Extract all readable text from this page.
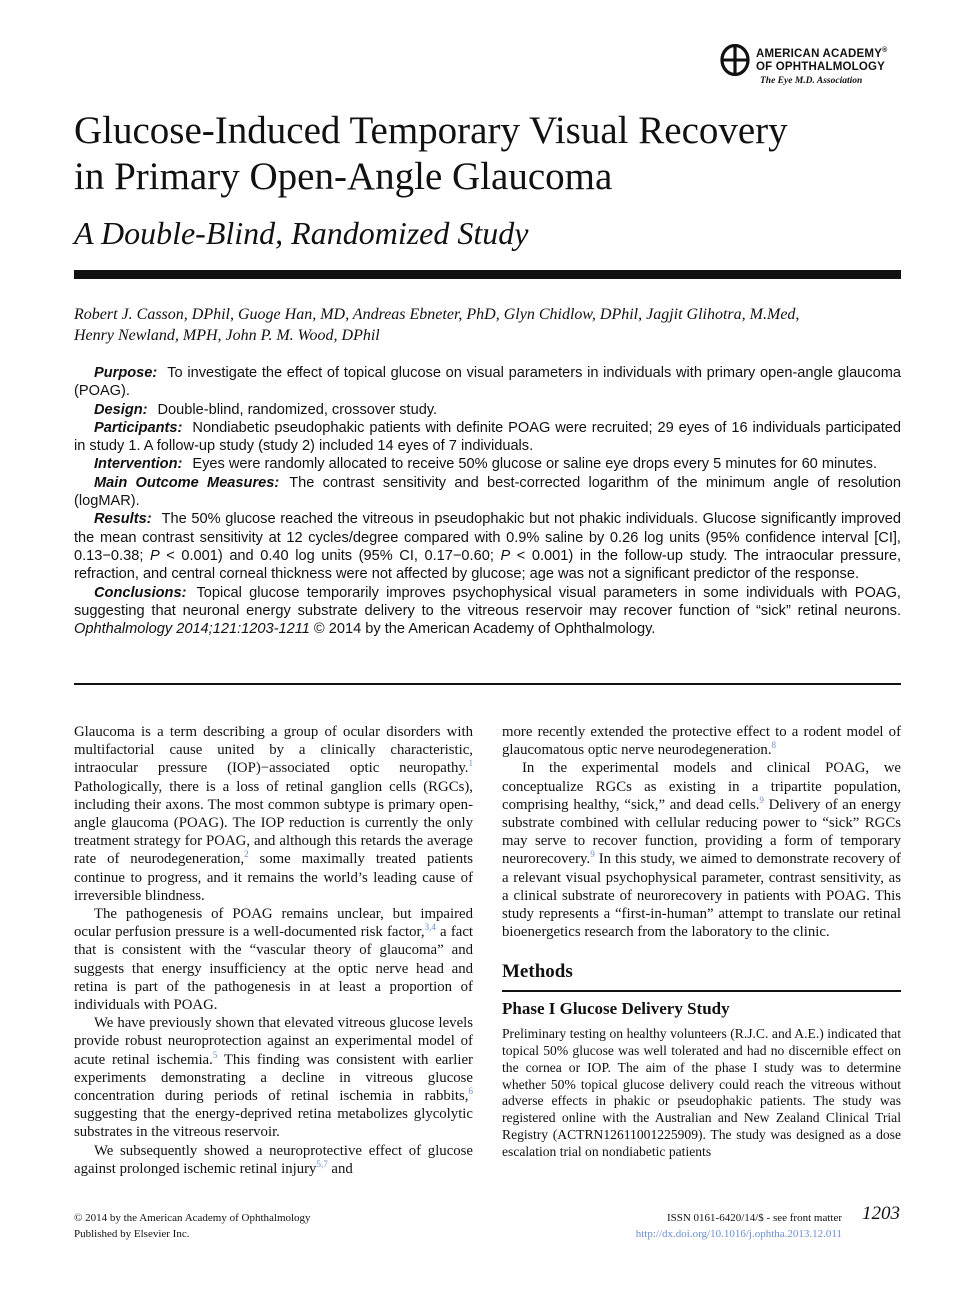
AMERICAN ACADEMY®
OF OPHTHALMOLOGY
The Eye M.D. Association
Glucose-Induced Temporary Visual Recovery
in Primary Open-Angle Glaucoma
A Double-Blind, Randomized Study
Robert J. Casson, DPhil, Guoge Han, MD, Andreas Ebneter, PhD, Glyn Chidlow, DPhil, Jagjit Glihotra, M.Med,
Henry Newland, MPH, John P. M. Wood, DPhil

Purpose: To investigate the effect of topical glucose on visual parameters in individuals with primary open-angle glaucoma (POAG).

Design: Double-blind, randomized, crossover study.

Participants: Nondiabetic pseudophakic patients with definite POAG were recruited; 29 eyes of 16 individuals participated in study 1. A follow-up study (study 2) included 14 eyes of 7 individuals.

Intervention: Eyes were randomly allocated to receive 50% glucose or saline eye drops every 5 minutes for 60 minutes.

Main Outcome Measures: The contrast sensitivity and best-corrected logarithm of the minimum angle of resolution (logMAR).

Results: The 50% glucose reached the vitreous in pseudophakic but not phakic individuals. Glucose significantly improved the mean contrast sensitivity at 12 cycles/degree compared with 0.9% saline by 0.26 log units (95% confidence interval [CI], 0.13−0.38; P < 0.001) and 0.40 log units (95% CI, 0.17−0.60; P < 0.001) in the follow-up study. The intraocular pressure, refraction, and central corneal thickness were not affected by glucose; age was not a significant predictor of the response.

Conclusions: Topical glucose temporarily improves psychophysical visual parameters in some individuals with POAG, suggesting that neuronal energy substrate delivery to the vitreous reservoir may recover function of “sick” retinal neurons. Ophthalmology 2014;121:1203-1211 © 2014 by the American Academy of Ophthalmology.

Glaucoma is a term describing a group of ocular disorders with multifactorial cause united by a clinically characteristic, intraocular pressure (IOP)−associated optic neuropathy.$^1$ Pathologically, there is a loss of retinal ganglion cells (RGCs), including their axons. The most common subtype is primary open-angle glaucoma (POAG). The IOP reduction is currently the only treatment strategy for POAG, and although this retards the average rate of neurodegeneration,$^2$ some maximally treated patients continue to progress, and it remains the world’s leading cause of irreversible blindness.

The pathogenesis of POAG remains unclear, but impaired ocular perfusion pressure is a well-documented risk factor,$^{3,4}$ a fact that is consistent with the “vascular theory of glaucoma” and suggests that energy insufficiency at the optic nerve head and retina is part of the pathogenesis in at least a proportion of individuals with POAG.

We have previously shown that elevated vitreous glucose levels provide robust neuroprotection against an experimental model of acute retinal ischemia.$^5$ This finding was consistent with earlier experiments demonstrating a decline in vitreous glucose concentration during periods of retinal ischemia in rabbits,$^6$ suggesting that the energy-deprived retina metabolizes glycolytic substrates in the vitreous reservoir.

We subsequently showed a neuroprotective effect of glucose against prolonged ischemic retinal injury$^{5,7}$ and

more recently extended the protective effect to a rodent model of glaucomatous optic nerve neurodegeneration.$^8$

In the experimental models and clinical POAG, we conceptualize RGCs as existing in a tripartite population, comprising healthy, “sick,” and dead cells.$^9$ Delivery of an energy substrate combined with cellular reducing power to “sick” RGCs may serve to recover function, providing a form of temporary neurorecovery.$^9$ In this study, we aimed to demonstrate recovery of a relevant visual psychophysical parameter, contrast sensitivity, as a clinical substrate of neurorecovery in patients with POAG. This study represents a “first-in-human” attempt to translate our retinal bioenergetics research from the laboratory to the clinic.

Methods
Phase I Glucose Delivery Study

Preliminary testing on healthy volunteers (R.J.C. and A.E.) indicated that topical 50% glucose was well tolerated and had no discernible effect on the cornea or IOP. The aim of the phase I study was to determine whether 50% topical glucose delivery could reach the vitreous without adverse effects in phakic or pseudophakic patients. The study was registered online with the Australian and New Zealand Clinical Trial Registry (ACTRN12611001225909). The study was designed as a dose escalation trial on nondiabetic patients

© 2014 by the American Academy of Ophthalmology
Published by Elsevier Inc.
ISSN 0161-6420/14/$ - see front matter
http://dx.doi.org/10.1016/j.ophtha.2013.12.011
1203
